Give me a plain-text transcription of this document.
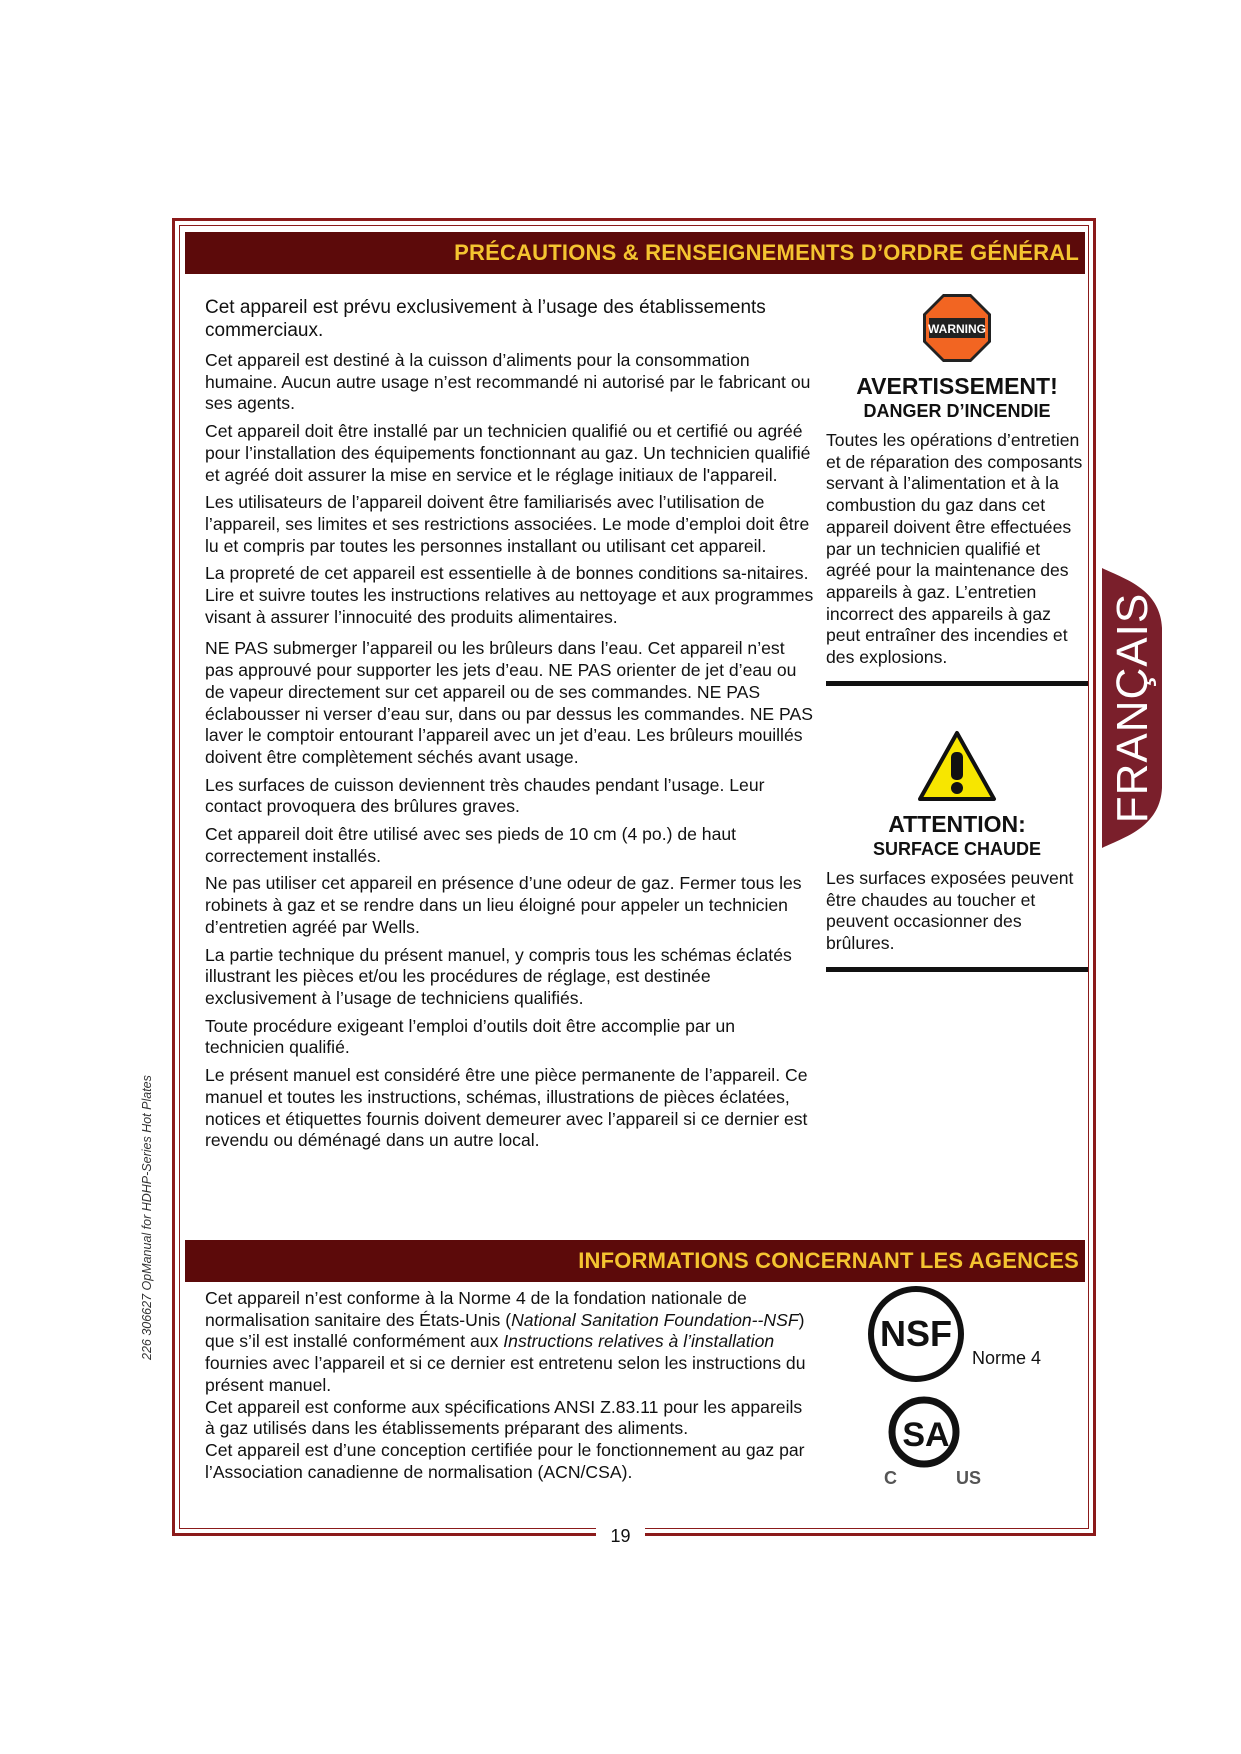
226 306627 OpManual for HDHP-Series Hot Plates
PRÉCAUTIONS & RENSEIGNEMENTS D’ORDRE GÉNÉRAL

Cet appareil est prévu exclusivement à l’usage des établissements commerciaux.

Cet appareil est destiné à la cuisson d’aliments pour la consommation humaine. Aucun autre usage n’est recommandé ni autorisé par le fabricant ou ses agents.

Cet appareil doit être installé par un technicien qualifié ou et certifié ou agréé pour l’installation des équipements fonctionnant au gaz. Un technicien qualifié et agréé doit assurer la mise en service et le réglage initiaux de l'appareil.

Les utilisateurs de l’appareil doivent être familiarisés avec l’utilisation de l’appareil, ses limites et ses restrictions associées. Le mode d’emploi doit être lu et compris par toutes les personnes installant ou utilisant cet appareil.

La propreté de cet appareil est essentielle à de bonnes conditions sa-nitaires. Lire et suivre toutes les instructions relatives au nettoyage et aux programmes visant à assurer l’innocuité des produits alimentaires.

NE PAS submerger l’appareil ou les brûleurs dans l’eau. Cet appareil n’est pas approuvé pour supporter les jets d’eau. NE PAS orienter de jet d’eau ou de vapeur directement sur cet appareil ou de ses commandes. NE PAS éclabousser ni verser d’eau sur, dans ou par dessus les commandes. NE PAS laver le comptoir entourant l’appareil avec un jet d’eau. Les brûleurs mouillés doivent être complètement séchés avant usage.

Les surfaces de cuisson deviennent très chaudes pendant l’usage. Leur contact provoquera des brûlures graves.

Cet appareil doit être utilisé avec ses pieds de 10 cm (4 po.) de haut correctement installés.

Ne pas utiliser cet appareil en présence d’une odeur de gaz. Fermer tous les robinets à gaz et se rendre dans un lieu éloigné pour appeler un technicien d’entretien agréé par Wells.

La partie technique du présent manuel, y compris tous les schémas éclatés illustrant les pièces et/ou les procédures de réglage, est destinée exclusivement à l’usage de techniciens qualifiés.

Toute procédure exigeant l’emploi d’outils doit être accomplie par un technicien qualifié.

Le présent manuel est considéré être une pièce permanente de l’appareil. Ce manuel et toutes les instructions, schémas, illustrations de pièces éclatées, notices et étiquettes fournis doivent demeurer avec l’appareil si ce dernier est revendu ou déménagé dans un autre local.

WARNING
AVERTISSEMENT!
DANGER D’INCENDIE

Toutes les opérations d’entretien et de réparation des composants servant à l’alimentation et à la combustion du gaz dans cet appareil doivent être effectuées par un technicien qualifié et agréé pour la maintenance des appareils à gaz. L’entretien incorrect des appareils à gaz peut entraîner des incendies et des explosions.

ATTENTION:
SURFACE CHAUDE

Les surfaces exposées peuvent être chaudes au toucher et peuvent occasionner des brûlures.

FRANÇAIS
INFORMATIONS CONCERNANT LES AGENCES

Cet appareil n’est conforme à la Norme 4 de la fondation nationale de normalisation sanitaire des États-Unis (National Sanitation Foundation--NSF) que s’il est installé conformément aux Instructions relatives à l’installation fournies avec l’appareil et si ce dernier est entretenu selon les instructions du présent manuel.

Cet appareil est conforme aux spécifications ANSI Z.83.11 pour les appareils à gaz utilisés dans les établissements préparant des aliments.

Cet appareil est d’une conception certifiée pour le fonctionnement au gaz par l’Association canadienne de normalisation (ACN/CSA).

NSF
SA
C	US
Norme 4
19
